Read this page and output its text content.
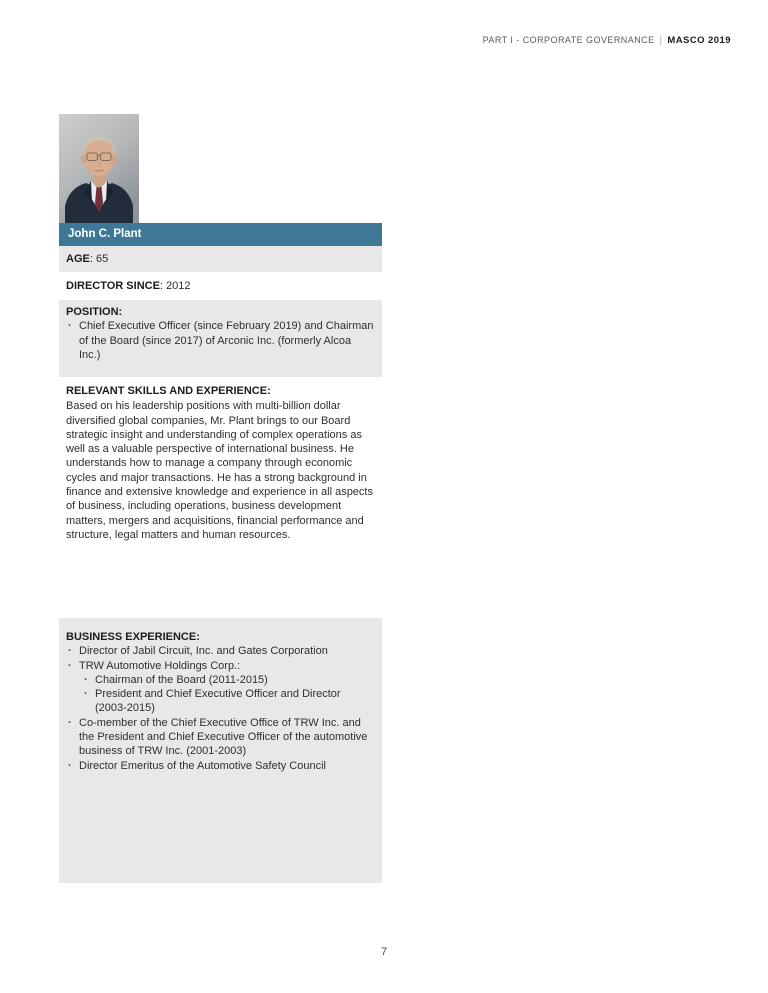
PART I - CORPORATE GOVERNANCE | MASCO 2019
John C. Plant
AGE: 65
DIRECTOR SINCE: 2012
POSITION:
· Chief Executive Officer (since February 2019) and Chairman of the Board (since 2017) of Arconic Inc. (formerly Alcoa Inc.)
RELEVANT SKILLS AND EXPERIENCE:

Based on his leadership positions with multi-billion dollar diversified global companies, Mr. Plant brings to our Board strategic insight and understanding of complex operations as well as a valuable perspective of international business. He understands how to manage a company through economic cycles and major transactions. He has a strong background in finance and extensive knowledge and experience in all aspects of business, including operations, business development matters, mergers and acquisitions, financial performance and structure, legal matters and human resources.

BUSINESS EXPERIENCE:
· Director of Jabil Circuit, Inc. and Gates Corporation
· TRW Automotive Holdings Corp.:
· Chairman of the Board (2011-2015)
· President and Chief Executive Officer and Director (2003-2015)
· Co-member of the Chief Executive Office of TRW Inc. and the President and Chief Executive Officer of the automotive business of TRW Inc. (2001-2003)
· Director Emeritus of the Automotive Safety Council
7
